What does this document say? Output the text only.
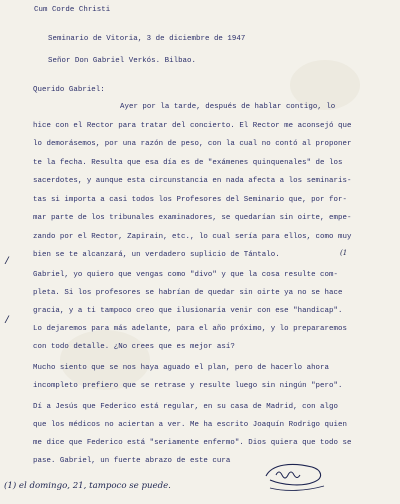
Cum Corde Christi
Seminario de Vitoria, 3 de diciembre de 1947
Señor Don Gabriel Verkós. Bilbao.
Querido Gabriel:
Ayer por la tarde, después de hablar contigo, lo
hice con el Rector para tratar del concierto. El Rector me aconsejó que
lo demorásemos, por una razón de peso, con la cual no contó al proponer
te la fecha. Resulta que esa día es de "exámenes quinquenales" de los
sacerdotes, y aunque esta circunstancia en nada afecta a los seminaris-
tas si importa a casi todos los Profesores del Seminario que, por for-
mar parte de los tribunales examinadores, se quedarían sin oirte, empe-
zando por el Rector, Zapirain, etc., lo cual sería para ellos, como muy
bien se te alcanzará, un verdadero suplicio de Tántalo.	(1
Gabriel, yo quiero que vengas como "divo" y que la cosa resulte com-
pleta. Si los profesores se habrían de quedar sin oirte ya no se hace
gracia, y a ti tampoco creo que ilusionaría venir con ese "handicap".
Lo dejaremos para más adelante, para el año próximo, y lo prepararemos
con todo detalle. ¿No crees que es mejor así?
Mucho siento que se nos haya aguado el plan, pero de hacerlo ahora
incompleto prefiero que se retrase y resulte luego sin ningún "pero".
Dí a Jesús que Federico está regular, en su casa de Madrid, con algo
que los médicos no aciertan a ver. Me ha escrito Joaquín Rodrigo quien
me dice que Federico está "seriamente enfermo". Dios quiera que todo se
pase. Gabriel, un fuerte abrazo de este cura
/
/
(1) el domingo, 21, tampoco se puede.
